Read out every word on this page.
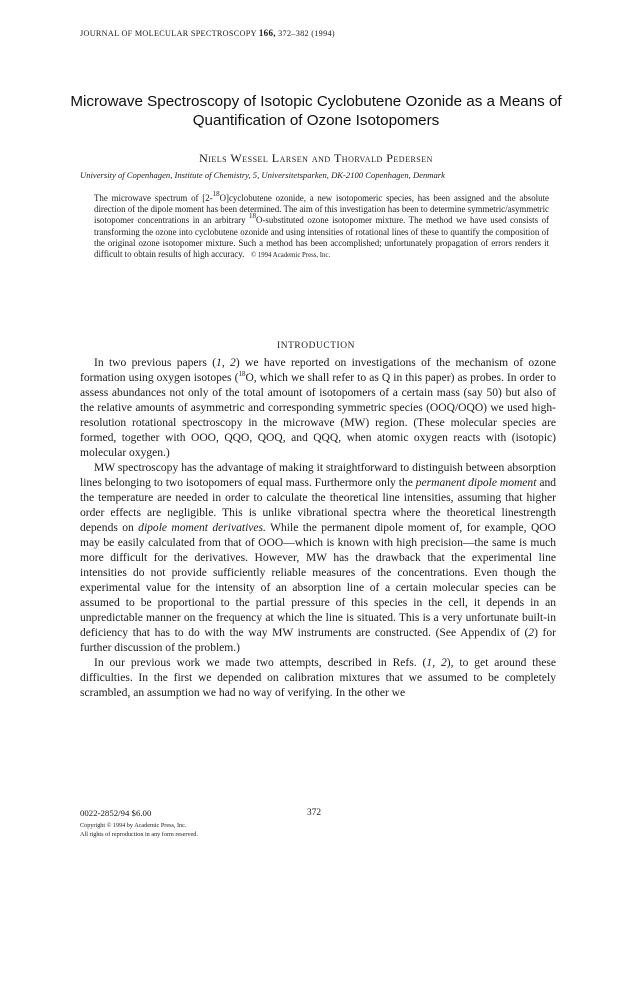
JOURNAL OF MOLECULAR SPECTROSCOPY 166, 372–382 (1994)
Microwave Spectroscopy of Isotopic Cyclobutene Ozonide as a Means of Quantification of Ozone Isotopomers
Niels Wessel Larsen and Thorvald Pedersen
University of Copenhagen, Institute of Chemistry, 5, Universitetsparken, DK-2100 Copenhagen, Denmark
The microwave spectrum of [2-$^{18}$O]cyclobutene ozonide, a new isotopomeric species, has been assigned and the absolute direction of the dipole moment has been determined. The aim of this investigation has been to determine symmetric/asymmetric isotopomer concentrations in an arbitrary $^{18}$O-substituted ozone isotopomer mixture. The method we have used consists of transforming the ozone into cyclobutene ozonide and using intensities of rotational lines of these to quantify the composition of the original ozone isotopomer mixture. Such a method has been accomplished; unfortunately propagation of errors renders it difficult to obtain results of high accuracy. © 1994 Academic Press, Inc.
INTRODUCTION

In two previous papers (1, 2) we have reported on investigations of the mechanism of ozone formation using oxygen isotopes ($^{18}$O, which we shall refer to as Q in this paper) as probes. In order to assess abundances not only of the total amount of isotopomers of a certain mass (say 50) but also of the relative amounts of asymmetric and corresponding symmetric species (OOQ/OQO) we used high-resolution rotational spectroscopy in the microwave (MW) region. (These molecular species are formed, together with OOO, QQO, QOQ, and QQQ, when atomic oxygen reacts with (isotopic) molecular oxygen.)

MW spectroscopy has the advantage of making it straightforward to distinguish between absorption lines belonging to two isotopomers of equal mass. Furthermore only the permanent dipole moment and the temperature are needed in order to calculate the theoretical line intensities, assuming that higher order effects are negligible. This is unlike vibrational spectra where the theoretical linestrength depends on dipole moment derivatives. While the permanent dipole moment of, for example, QOO may be easily calculated from that of OOO—which is known with high precision—the same is much more difficult for the derivatives. However, MW has the drawback that the experimental line intensities do not provide sufficiently reliable measures of the concentrations. Even though the experimental value for the intensity of an absorption line of a certain molecular species can be assumed to be proportional to the partial pressure of this species in the cell, it depends in an unpredictable manner on the frequency at which the line is situated. This is a very unfortunate built-in deficiency that has to do with the way MW instruments are constructed. (See Appendix of (2) for further discussion of the problem.)

In our previous work we made two attempts, described in Refs. (1, 2), to get around these difficulties. In the first we depended on calibration mixtures that we assumed to be completely scrambled, an assumption we had no way of verifying. In the other we

0022-2852/94 $6.00	372
Copyright © 1994 by Academic Press, Inc.
All rights of reproduction in any form reserved.
